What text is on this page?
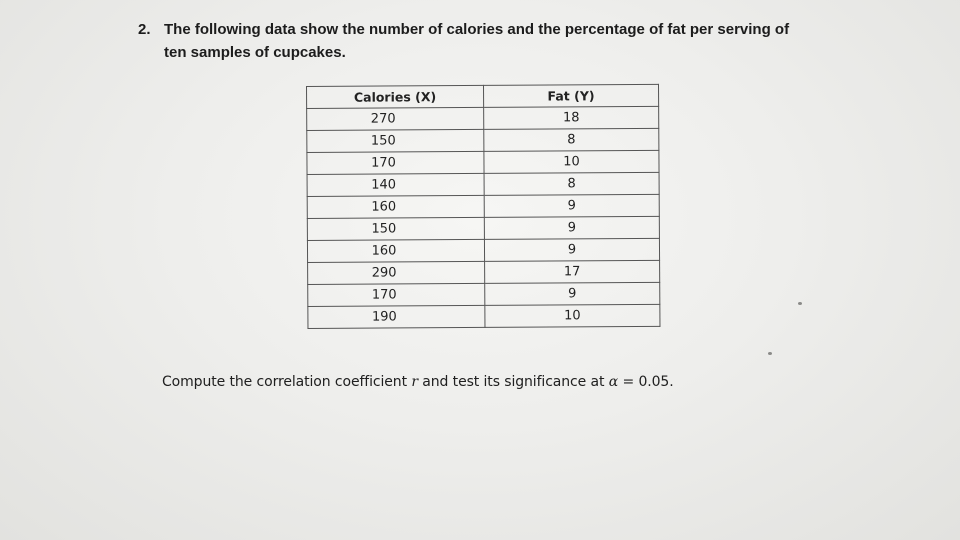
2. The following data show the number of calories and the percentage of fat per serving of
ten samples of cupcakes.
Calories (X)	Fat (Y)
270	18
150	8
170	10
140	8
160	9
150	9
160	9
290	17
170	9
190	10
Compute the correlation coefficient r and test its significance at α = 0.05.
